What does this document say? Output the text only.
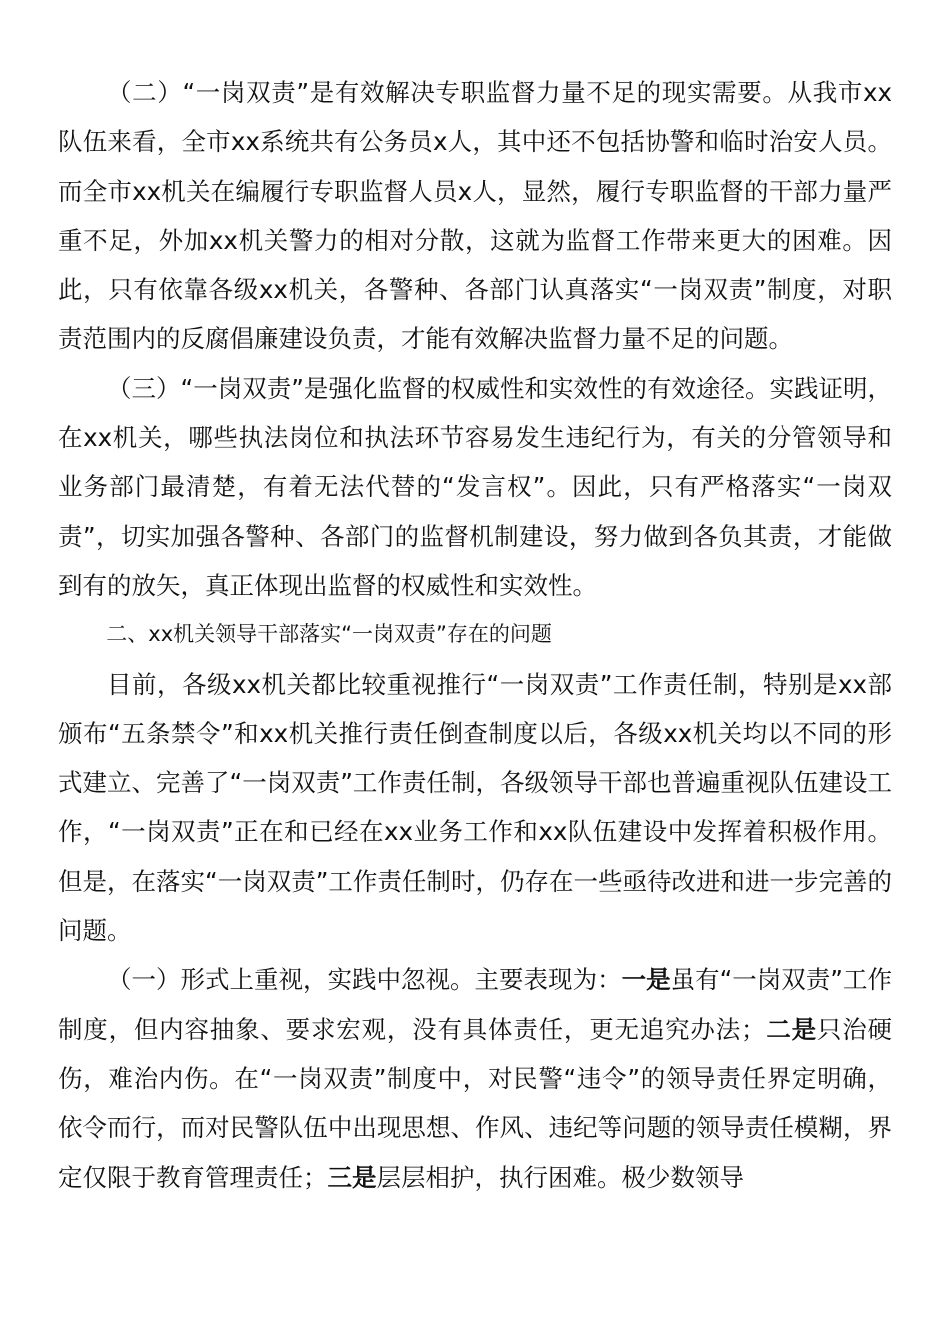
（二）“一岗双责”是有效解决专职监督力量不足的现实需要。从我市xx队伍来看，全市xx系统共有公务员x人，其中还不包括协警和临时治安人员。而全市xx机关在编履行专职监督人员x人，显然，履行专职监督的干部力量严重不足，外加xx机关警力的相对分散，这就为监督工作带来更大的困难。因此，只有依靠各级xx机关，各警种、各部门认真落实“一岗双责”制度，对职责范围内的反腐倡廉建设负责，才能有效解决监督力量不足的问题。

（三）“一岗双责”是强化监督的权威性和实效性的有效途径。实践证明，在xx机关，哪些执法岗位和执法环节容易发生违纪行为，有关的分管领导和业务部门最清楚，有着无法代替的“发言权”。因此，只有严格落实“一岗双责”，切实加强各警种、各部门的监督机制建设，努力做到各负其责，才能做到有的放矢，真正体现出监督的权威性和实效性。

二、xx机关领导干部落实“一岗双责”存在的问题

目前，各级xx机关都比较重视推行“一岗双责”工作责任制，特别是xx部颁布“五条禁令”和xx机关推行责任倒查制度以后，各级xx机关均以不同的形式建立、完善了“一岗双责”工作责任制，各级领导干部也普遍重视队伍建设工作，“一岗双责”正在和已经在xx业务工作和xx队伍建设中发挥着积极作用。但是，在落实“一岗双责”工作责任制时，仍存在一些亟待改进和进一步完善的问题。

（一）形式上重视，实践中忽视。主要表现为：一是虽有“一岗双责”工作制度，但内容抽象、要求宏观，没有具体责任，更无追究办法；二是只治硬伤，难治内伤。在“一岗双责”制度中，对民警“违令”的领导责任界定明确，依令而行，而对民警队伍中出现思想、作风、违纪等问题的领导责任模糊，界定仅限于教育管理责任；三是层层相护，执行困难。极少数领导
